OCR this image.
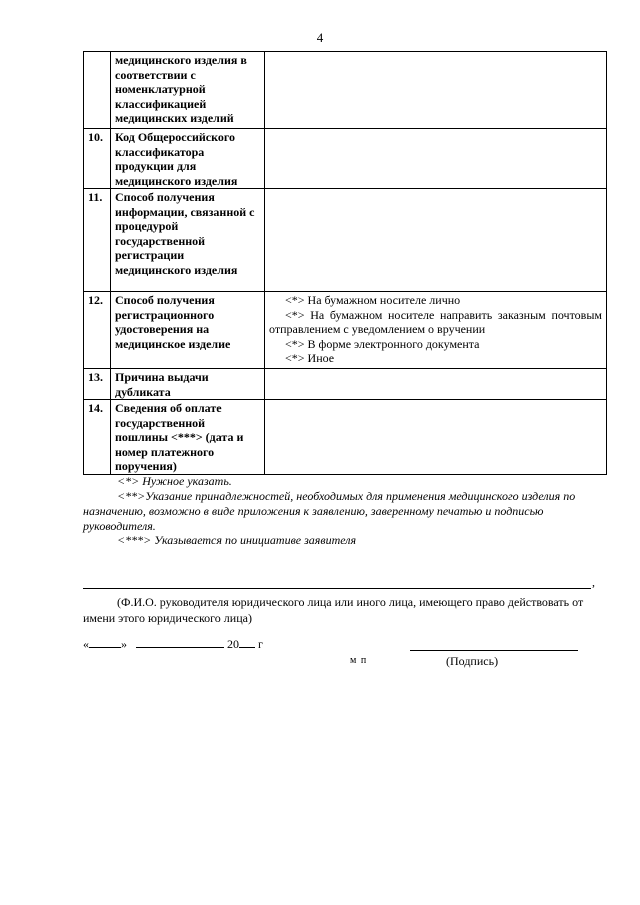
4
	медицинского изделия в соответствии с номенклатурной классификацией медицинских изделий	
10.	Код Общероссийского классификатора продукции для медицинского изделия	
11.	Способ получения информации, связанной с процедурой государственной регистрации медицинского изделия	
12.	Способ получения регистрационного удостоверения на медицинское изделие	<*> На бумажном носителе лично
<*> На бумажном носителе направить заказным почтовым отправлением с уведомлением о вручении
<*> В форме электронного документа
<*> Иное

13.	Причина выдачи дубликата	
14.	Сведения об оплате государственной пошлины <***> (дата и номер платежного поручения)	
<*> Нужное указать.
<**>Указание принадлежностей, необходимых для применения медицинского изделия по назначению, возможно в виде приложения к заявлению, заверенному печатью и подписью руководителя.
<***> Указывается по инициативе заявителя
,
(Ф.И.О. руководителя юридического лица или иного лица, имеющего право действовать от имени этого юридического лица)
«	»	20 г
м п	(Подпись)
